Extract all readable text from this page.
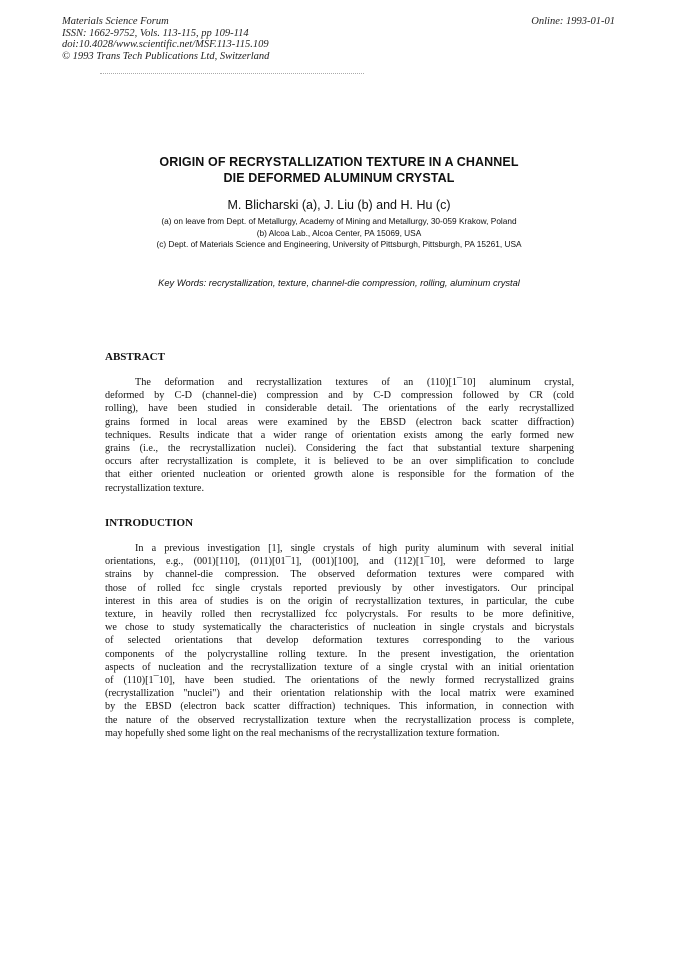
Materials Science Forum
ISSN: 1662-9752, Vols. 113-115, pp 109-114
doi:10.4028/www.scientific.net/MSF.113-115.109
© 1993 Trans Tech Publications Ltd, Switzerland
Online: 1993-01-01
ORIGIN OF RECRYSTALLIZATION TEXTURE IN A CHANNEL
DIE DEFORMED ALUMINUM CRYSTAL
M. Blicharski (a), J. Liu (b) and H. Hu (c)
(a) on leave from Dept. of Metallurgy, Academy of Mining and Metallurgy, 30-059 Krakow, Poland
(b) Alcoa Lab., Alcoa Center, PA 15069, USA
(c) Dept. of Materials Science and Engineering, University of Pittsburgh, Pittsburgh, PA 15261, USA
Key Words: recrystallization, texture, channel-die compression, rolling, aluminum crystal
ABSTRACT
The deformation and recrystallization textures of an (110)[1¯10] aluminum crystal,
deformed by C-D (channel-die) compression and by C-D compression followed by CR (cold
rolling), have been studied in considerable detail. The orientations of the early recrystallized
grains formed in local areas were examined by the EBSD (electron back scatter diffraction)
techniques. Results indicate that a wider range of orientation exists among the early formed new
grains (i.e., the recrystallization nuclei). Considering the fact that substantial texture sharpening
occurs after recrystallization is complete, it is believed to be an over simplification to conclude
that either oriented nucleation or oriented growth alone is responsible for the formation of the
recrystallization texture.
INTRODUCTION
In a previous investigation [1], single crystals of high purity aluminum with several initial
orientations, e.g., (001)[110], (011)[01¯1], (001)[100], and (112)[1¯10], were deformed to large
strains by channel-die compression. The observed deformation textures were compared with
those of rolled fcc single crystals reported previously by other investigators. Our principal
interest in this area of studies is on the origin of recrystallization textures, in particular, the cube
texture, in heavily rolled then recrystallized fcc polycrystals. For results to be more definitive,
we chose to study systematically the characteristics of nucleation in single crystals and bicrystals
of selected orientations that develop deformation textures corresponding to the various
components of the polycrystalline rolling texture. In the present investigation, the orientation
aspects of nucleation and the recrystallization texture of a single crystal with an initial orientation
of (110)[1¯10], have been studied. The orientations of the newly formed recrystallized grains
(recrystallization "nuclei") and their orientation relationship with the local matrix were examined
by the EBSD (electron back scatter diffraction) techniques. This information, in connection with
the nature of the observed recrystallization texture when the recrystallization process is complete,
may hopefully shed some light on the real mechanisms of the recrystallization texture formation.
